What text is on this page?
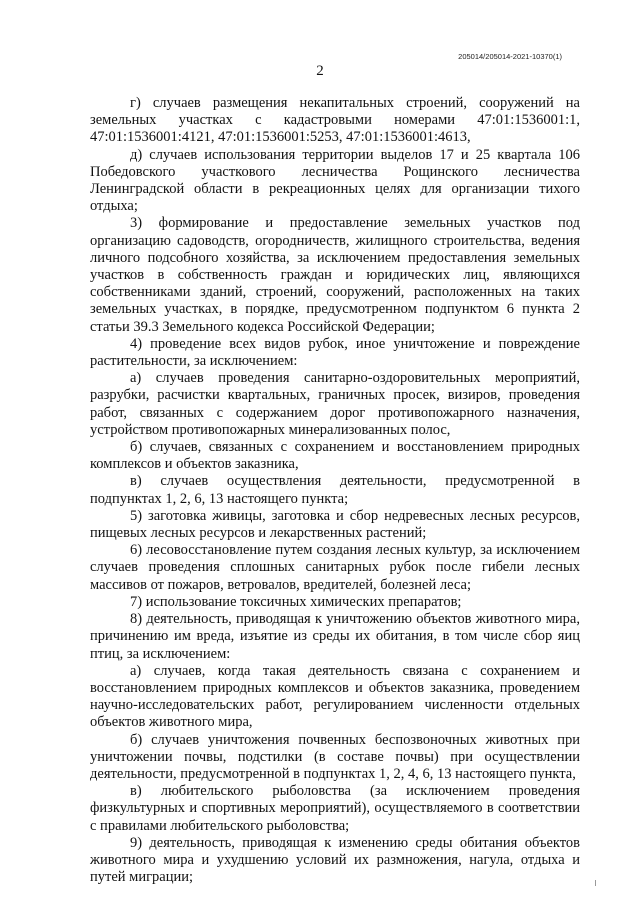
205014/205014-2021-10370(1)
2

г) случаев размещения некапитальных строений, сооружений на земельных участках с кадастровыми номерами 47:01:1536001:1, 47:01:1536001:4121, 47:01:1536001:5253, 47:01:1536001:4613,

д) случаев использования территории выделов 17 и 25 квартала 106 Победовского участкового лесничества Рощинского лесничества Ленинградской области в рекреационных целях для организации тихого отдыха;

3) формирование и предоставление земельных участков под организацию садоводств, огородничеств, жилищного строительства, ведения личного подсобного хозяйства, за исключением предоставления земельных участков в собственность граждан и юридических лиц, являющихся собственниками зданий, строений, сооружений, расположенных на таких земельных участках, в порядке, предусмотренном подпунктом 6 пункта 2 статьи 39.3 Земельного кодекса Российской Федерации;

4) проведение всех видов рубок, иное уничтожение и повреждение растительности, за исключением:

а) случаев проведения санитарно-оздоровительных мероприятий, разрубки, расчистки квартальных, граничных просек, визиров, проведения работ, связанных с содержанием дорог противопожарного назначения, устройством противопожарных минерализованных полос,

б) случаев, связанных с сохранением и восстановлением природных комплексов и объектов заказника,

в) случаев осуществления деятельности, предусмотренной в подпунктах 1, 2, 6, 13 настоящего пункта;

5) заготовка живицы, заготовка и сбор недревесных лесных ресурсов, пищевых лесных ресурсов и лекарственных растений;

6) лесовосстановление путем создания лесных культур, за исключением случаев проведения сплошных санитарных рубок после гибели лесных массивов от пожаров, ветровалов, вредителей, болезней леса;

7) использование токсичных химических препаратов;

8) деятельность, приводящая к уничтожению объектов животного мира, причинению им вреда, изъятие из среды их обитания, в том числе сбор яиц птиц, за исключением:

а) случаев, когда такая деятельность связана с сохранением и восстановлением природных комплексов и объектов заказника, проведением научно-исследовательских работ, регулированием численности отдельных объектов животного мира,

б) случаев уничтожения почвенных беспозвоночных животных при уничтожении почвы, подстилки (в составе почвы) при осуществлении деятельности, предусмотренной в подпунктах 1, 2, 4, 6, 13 настоящего пункта,

в) любительского рыболовства (за исключением проведения физкультурных и спортивных мероприятий), осуществляемого в соответствии с правилами любительского рыболовства;

9) деятельность, приводящая к изменению среды обитания объектов животного мира и ухудшению условий их размножения, нагула, отдыха и путей миграции;
